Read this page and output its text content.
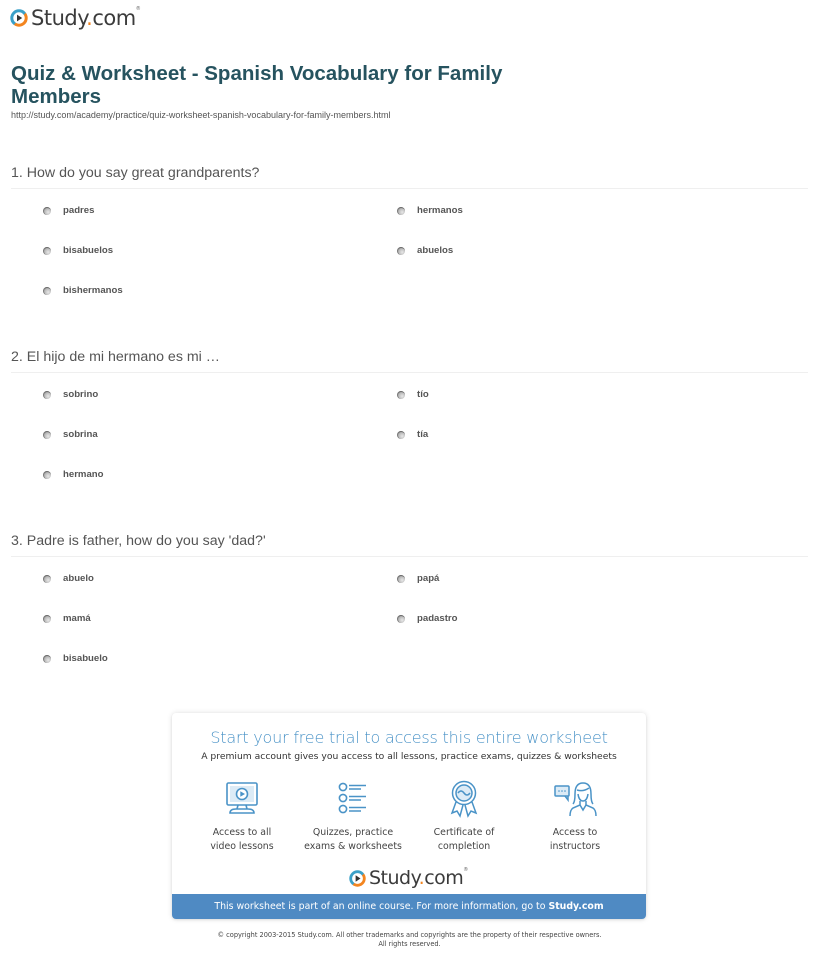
Study.com®
Quiz & Worksheet - Spanish Vocabulary for Family Members
http://study.com/academy/practice/quiz-worksheet-spanish-vocabulary-for-family-members.html
1. How do you say great grandparents?
padres	hermanos
bisabuelos	abuelos
bishermanos
2. El hijo de mi hermano es mi …
sobrino	tío
sobrina	tía
hermano
3. Padre is father, how do you say 'dad?'
abuelo	papá
mamá	padastro
bisabuelo
Start your free trial to access this entire worksheet
A premium account gives you access to all lessons, practice exams, quizzes & worksheets
Access to all
video lessons
Quizzes, practice
exams & worksheets
Certificate of
completion
Access to
instructors
Study.com®
This worksheet is part of an online course. For more information, go to Study.com
© copyright 2003-2015 Study.com. All other trademarks and copyrights are the property of their respective owners.
All rights reserved.
